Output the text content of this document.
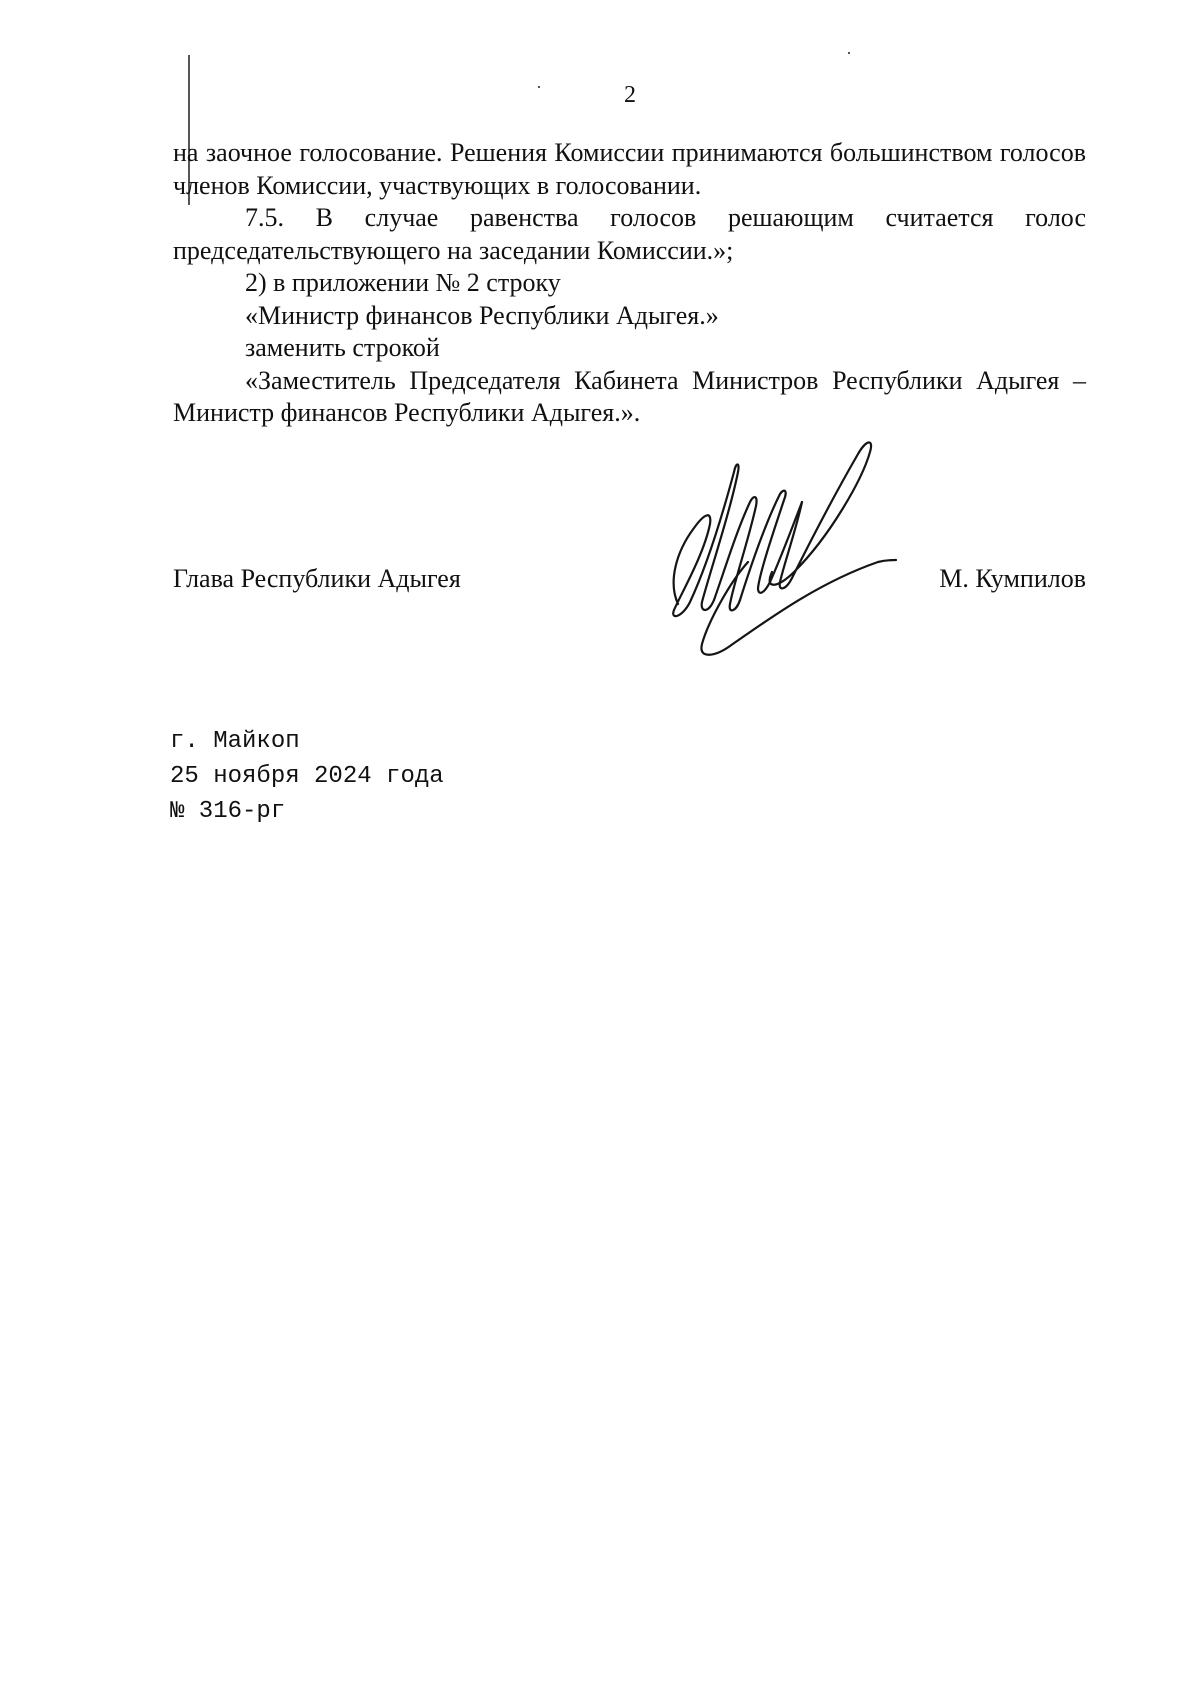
2

на заочное голосование. Решения Комиссии принимаются большинством голосов членов Комиссии, участвующих в голосовании.

7.5. В случае равенства голосов решающим считается голос председательствующего на заседании Комиссии.»;

2) в приложении № 2 строку

«Министр финансов Республики Адыгея.»

заменить строкой

«Заместитель Председателя Кабинета Министров Республики Адыгея – Министр финансов Республики Адыгея.».

Глава Республики Адыгея	М. Кумпилов
г. Майкоп
25 ноября 2024 года
№ 316-рг
